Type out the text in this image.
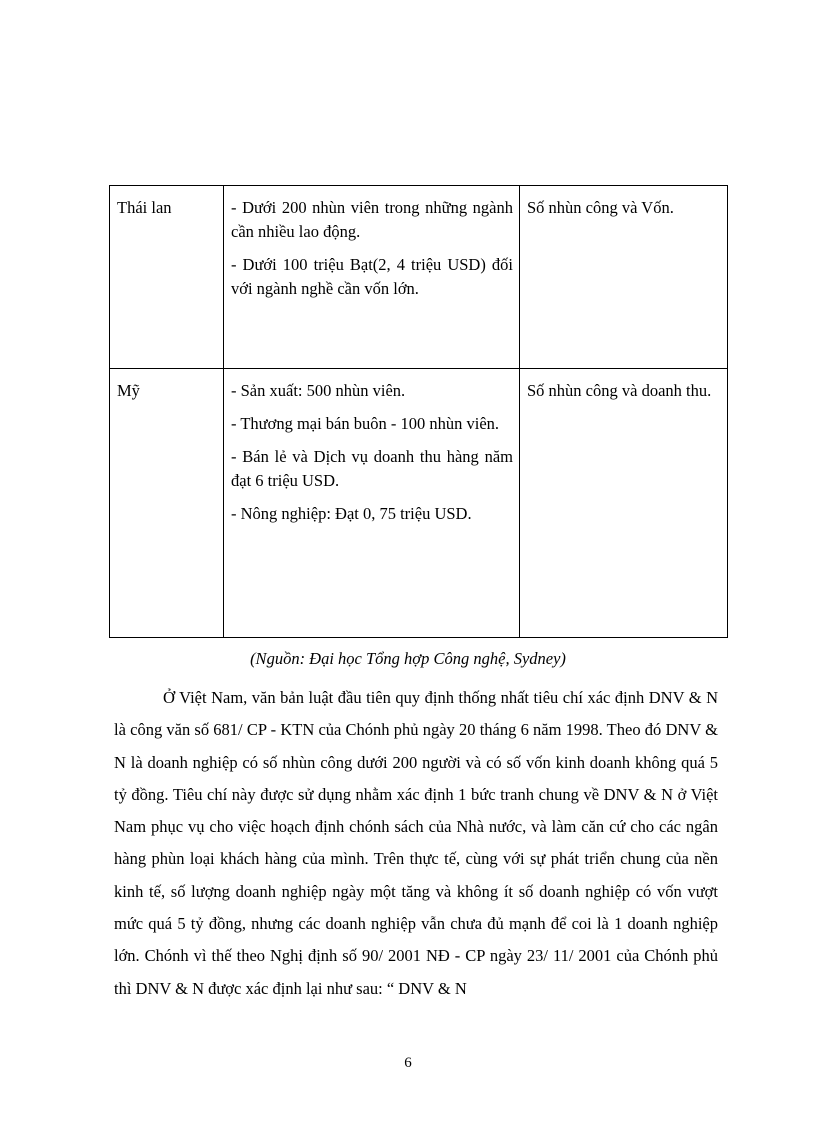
Thái lan	- Dưới 200 nhùn viên trong những ngành cần nhiều lao động.

- Dưới 100 triệu Bạt(2, 4 triệu USD) đối với ngành nghề cần vốn lớn.	Số nhùn công và Vốn.
Mỹ	- Sản xuất: 500 nhùn viên.

- Thương mại bán buôn - 100 nhùn viên.

- Bán lẻ và Dịch vụ doanh thu hàng năm đạt 6 triệu USD.

- Nông nghiệp: Đạt 0, 75 triệu USD.	Số nhùn công và doanh thu.
(Nguồn: Đại học Tổng hợp Công nghệ, Sydney)

Ở Việt Nam, văn bản luật đầu tiên quy định thống nhất tiêu chí xác định DNV & N là công văn số 681/ CP - KTN của Chónh phủ ngày 20 tháng 6 năm 1998. Theo đó DNV & N là doanh nghiệp có số nhùn công dưới 200 người và có số vốn kinh doanh không quá 5 tỷ đồng. Tiêu chí này được sử dụng nhằm xác định 1 bức tranh chung về DNV & N ở Việt Nam phục vụ cho việc hoạch định chónh sách của Nhà nước, và làm căn cứ cho các ngân hàng phùn loại khách hàng của mình. Trên thực tế, cùng với sự phát triển chung của nền kinh tế, số lượng doanh nghiệp ngày một tăng và không ít số doanh nghiệp có vốn vượt mức quá 5 tỷ đồng, nhưng các doanh nghiệp vẫn chưa đủ mạnh để coi là 1 doanh nghiệp lớn. Chónh vì thế theo Nghị định số 90/ 2001 NĐ - CP ngày 23/ 11/ 2001 của Chónh phủ thì DNV & N được xác định lại như sau: “ DNV & N

6
